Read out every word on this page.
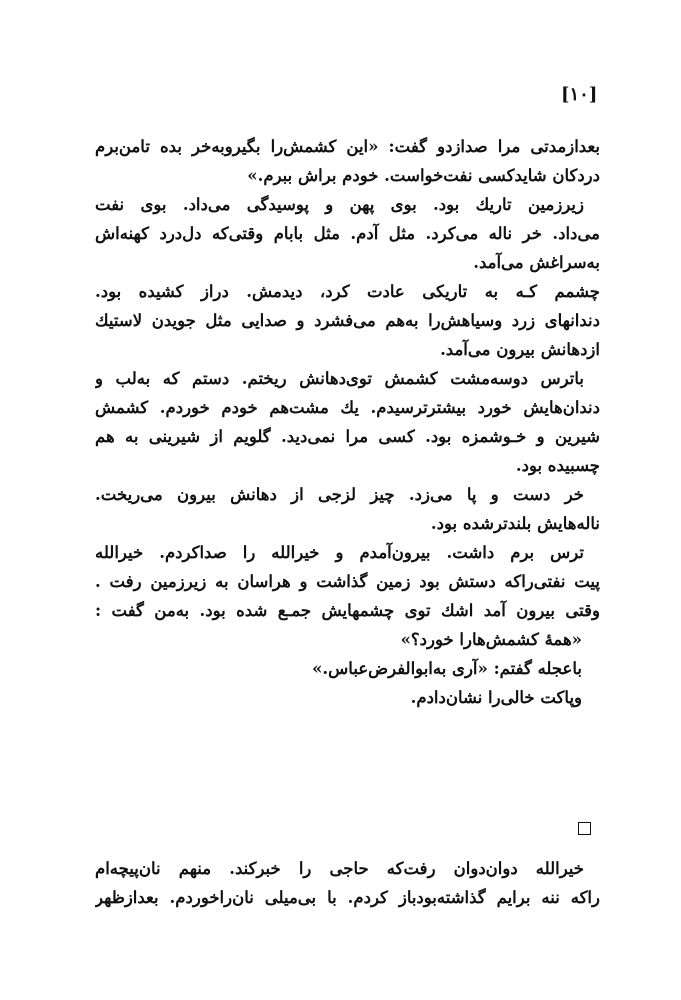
[۱۰]

بعدازمدتی مرا صدازدو گفت: «این کشمش‌را بگیروبه‌خر بده تامن‌برم
دردکان شایدکسی نفت‌خواست. خودم براش ببرم.»

زیرزمین تاریك بود. بوی پهن و پوسیدگی می‌داد. بوی نفت
می‌داد. خر ناله می‌کرد. مثل آدم. مثل بابام وقتی‌که دل‌درد کهنه‌اش
به‌سراغش می‌آمد.

چشمم کـه به تاریکی عادت کرد، دیدمش. دراز کشیده بود.
دندانهای زرد وسیاهش‌را به‌هم می‌فشرد و صدایی مثل جویدن لاستیك
ازدهانش بیرون می‌آمد.

باترس دوسه‌مشت کشمش توی‌دهانش ریختم. دستم که به‌لب و
دندان‌هایش خورد بیشترترسیدم. یك مشت‌هم خودم خوردم. کشمش
شیرین و خـوشمزه بود. کسی مرا نمی‌دید. گلویم از شیرینی به هم
چسبیده بود.

خر دست و پا می‌زد. چیز لزجی از دهانش بیرون می‌ریخت.
ناله‌هایش بلندترشده بود.

ترس برم داشت. بیرون‌آمدم و خیرالله را صداکردم. خیرالله
پیت نفتی‌راکه دستش بود زمین گذاشت و هراسان به زیرزمین رفت .
وقتی بیرون آمد اشك توی چشمهایش جمـع شده بود. به‌من گفت :

«همهٔ کشمش‌هارا خورد؟»
باعجله گفتم: «آری به‌ابوالفرض‌عباس.»
وپاکت خالی‌را نشان‌دادم.

خیرالله دوان‌دوان رفت‌که حاجی را خبرکند. منهم نان‌پیچه‌ام
راکه ننه برایم گذاشته‌بودباز کردم. با بی‌میلی نان‌راخوردم. بعدازظهر
